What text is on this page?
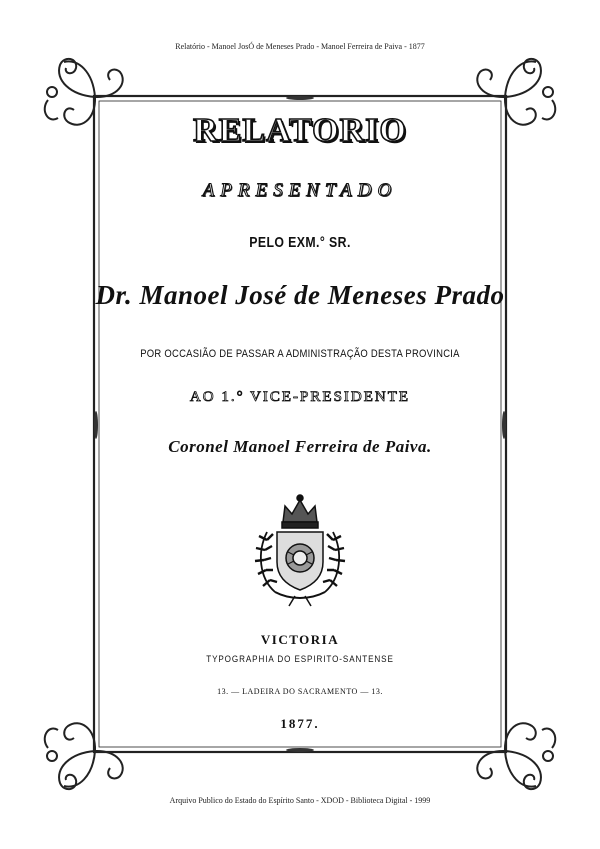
Relatório - Manoel JosÓ de Meneses Prado - Manoel Ferreira de Paiva - 1877
RELATORIO
APRESENTADO
PELO EXM.° SR.
Dr. Manoel José de Meneses Prado
POR OCCASIÃO DE PASSAR A ADMINISTRAÇÃO DESTA PROVINCIA
AO 1.° VICE-PRESIDENTE
Coronel Manoel Ferreira de Paiva.
VICTORIA
TYPOGRAPHIA DO ESPIRITO-SANTENSE
13. — LADEIRA DO SACRAMENTO — 13.
1877.
Arquivo Publico do Estado do Espírito Santo - XDOD - Biblioteca Digital - 1999
